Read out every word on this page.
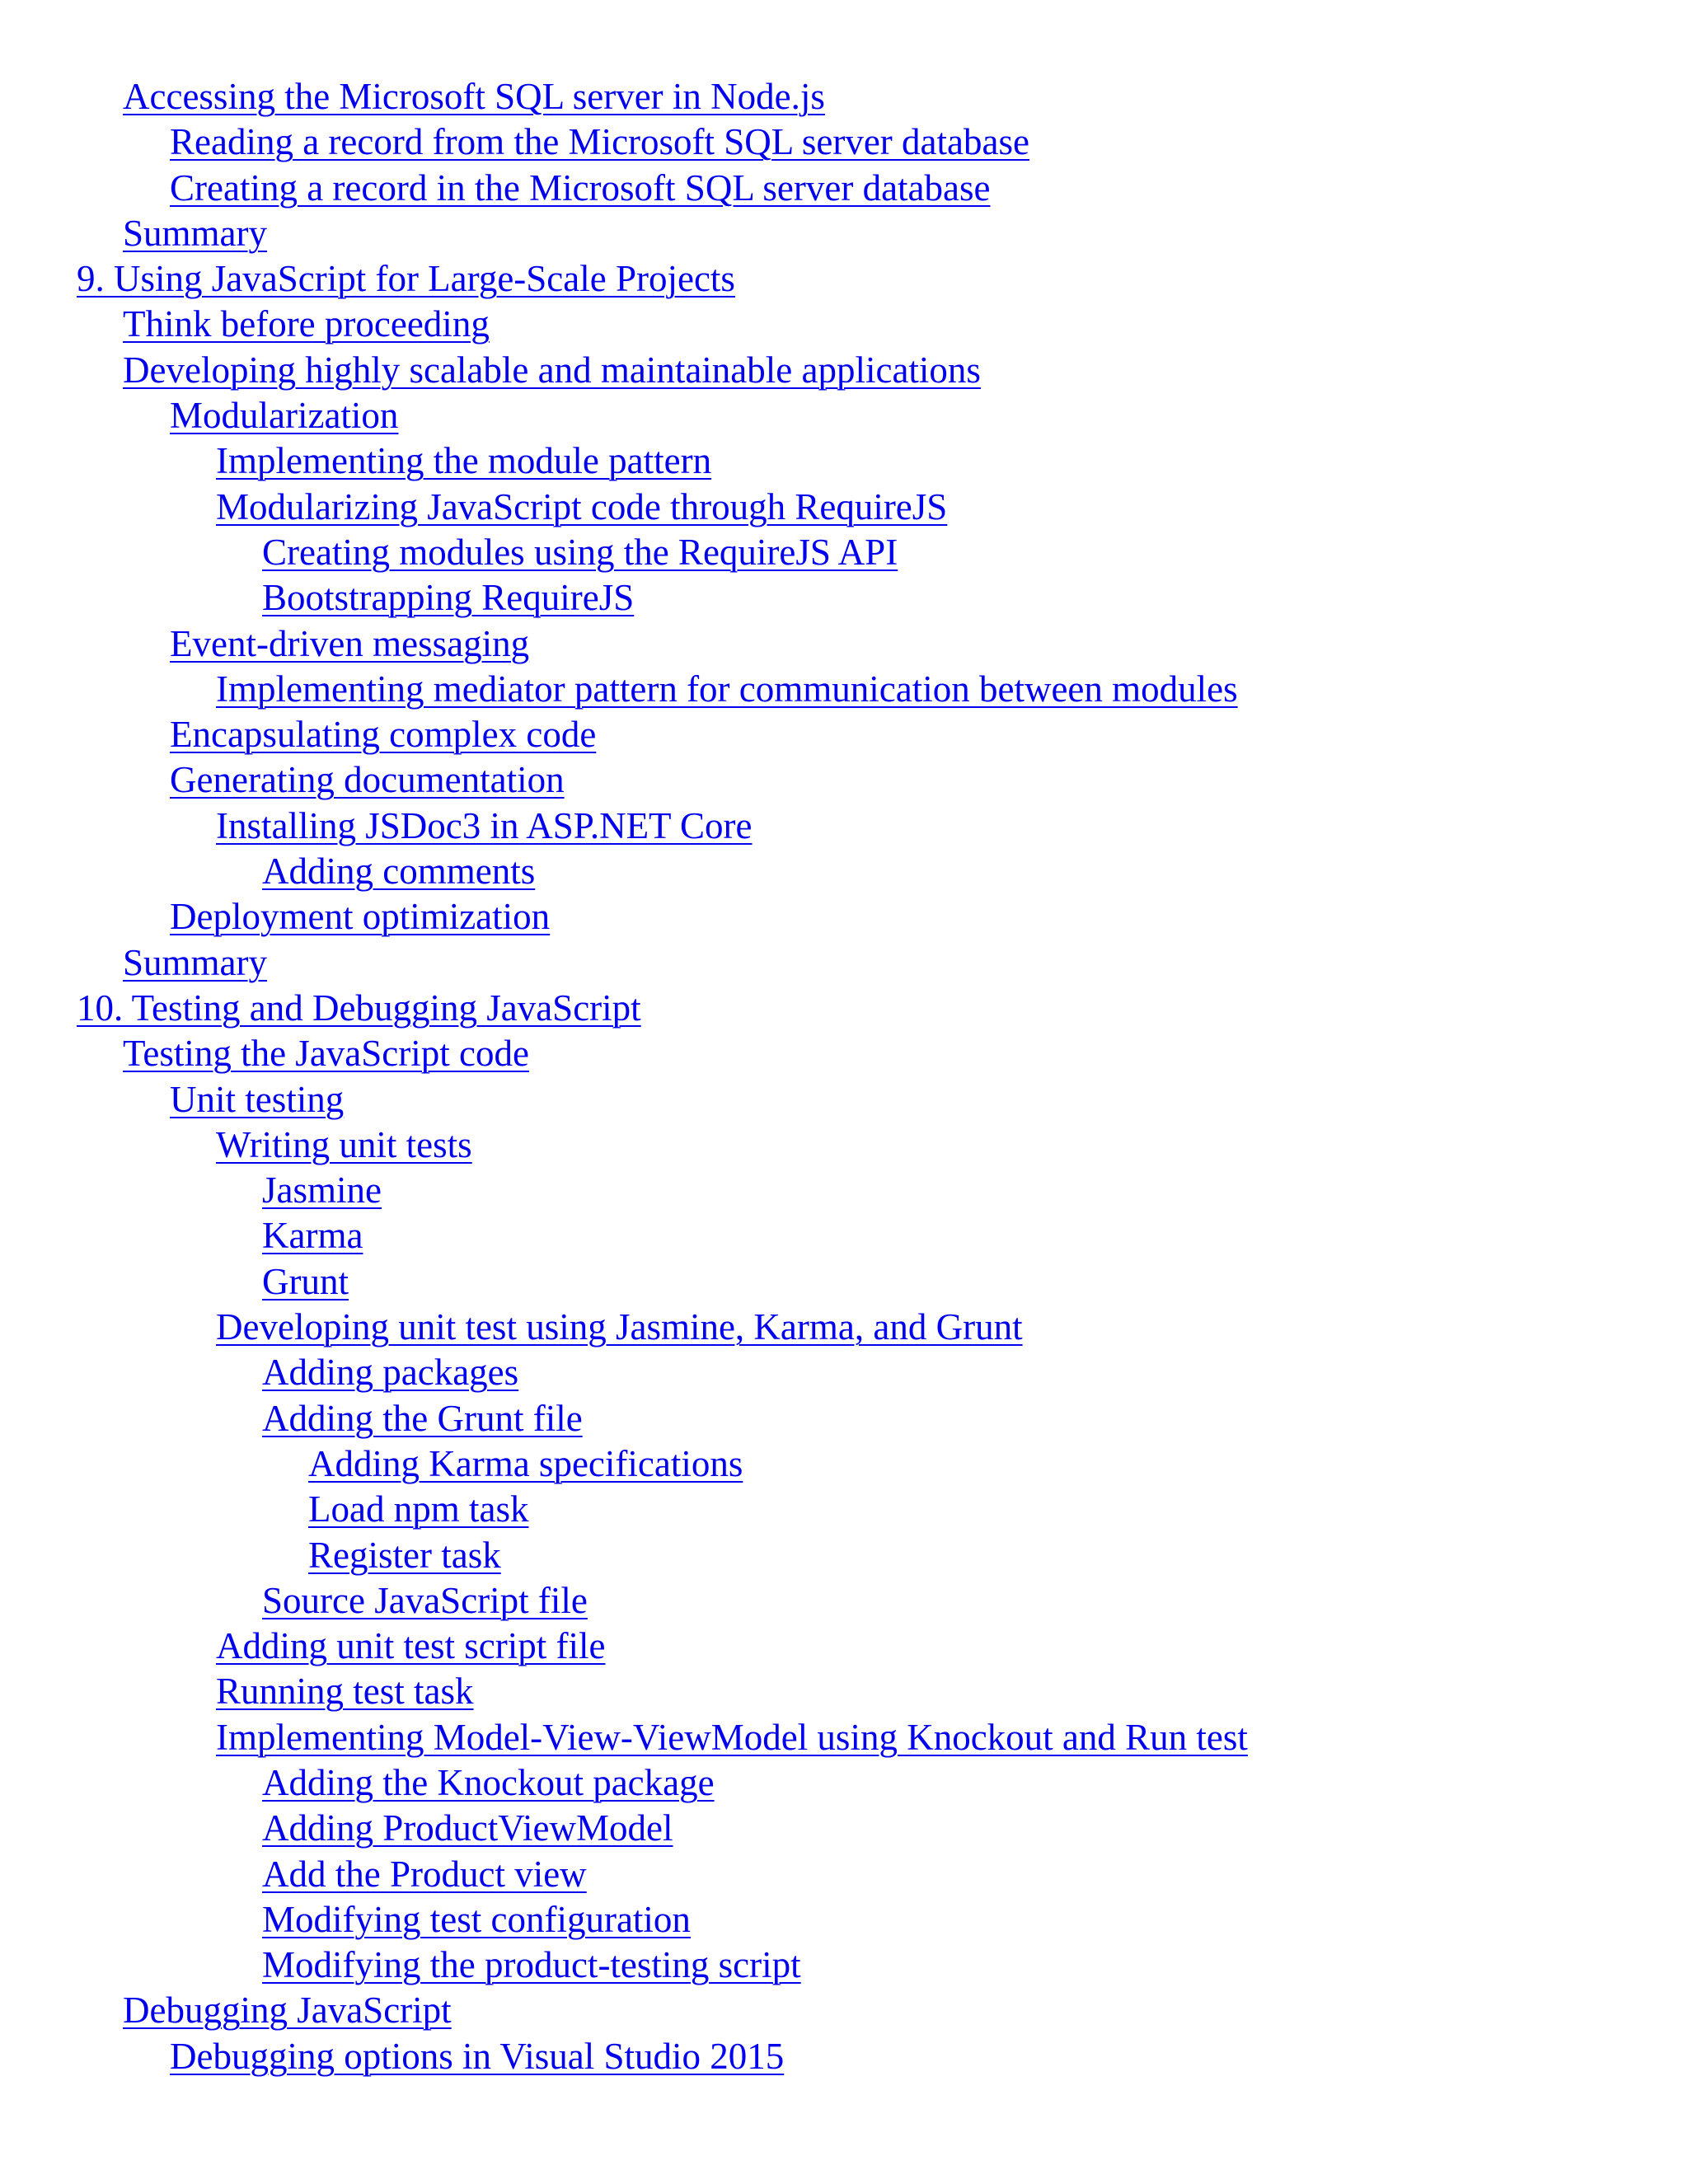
Accessing the Microsoft SQL server in Node.js
Reading a record from the Microsoft SQL server database
Creating a record in the Microsoft SQL server database
Summary
9. Using JavaScript for Large-Scale Projects
Think before proceeding
Developing highly scalable and maintainable applications
Modularization
Implementing the module pattern
Modularizing JavaScript code through RequireJS
Creating modules using the RequireJS API
Bootstrapping RequireJS
Event-driven messaging
Implementing mediator pattern for communication between modules
Encapsulating complex code
Generating documentation
Installing JSDoc3 in ASP.NET Core
Adding comments
Deployment optimization
Summary
10. Testing and Debugging JavaScript
Testing the JavaScript code
Unit testing
Writing unit tests
Jasmine
Karma
Grunt
Developing unit test using Jasmine, Karma, and Grunt
Adding packages
Adding the Grunt file
Adding Karma specifications
Load npm task
Register task
Source JavaScript file
Adding unit test script file
Running test task
Implementing Model-View-ViewModel using Knockout and Run test
Adding the Knockout package
Adding ProductViewModel
Add the Product view
Modifying test configuration
Modifying the product-testing script
Debugging JavaScript
Debugging options in Visual Studio 2015
